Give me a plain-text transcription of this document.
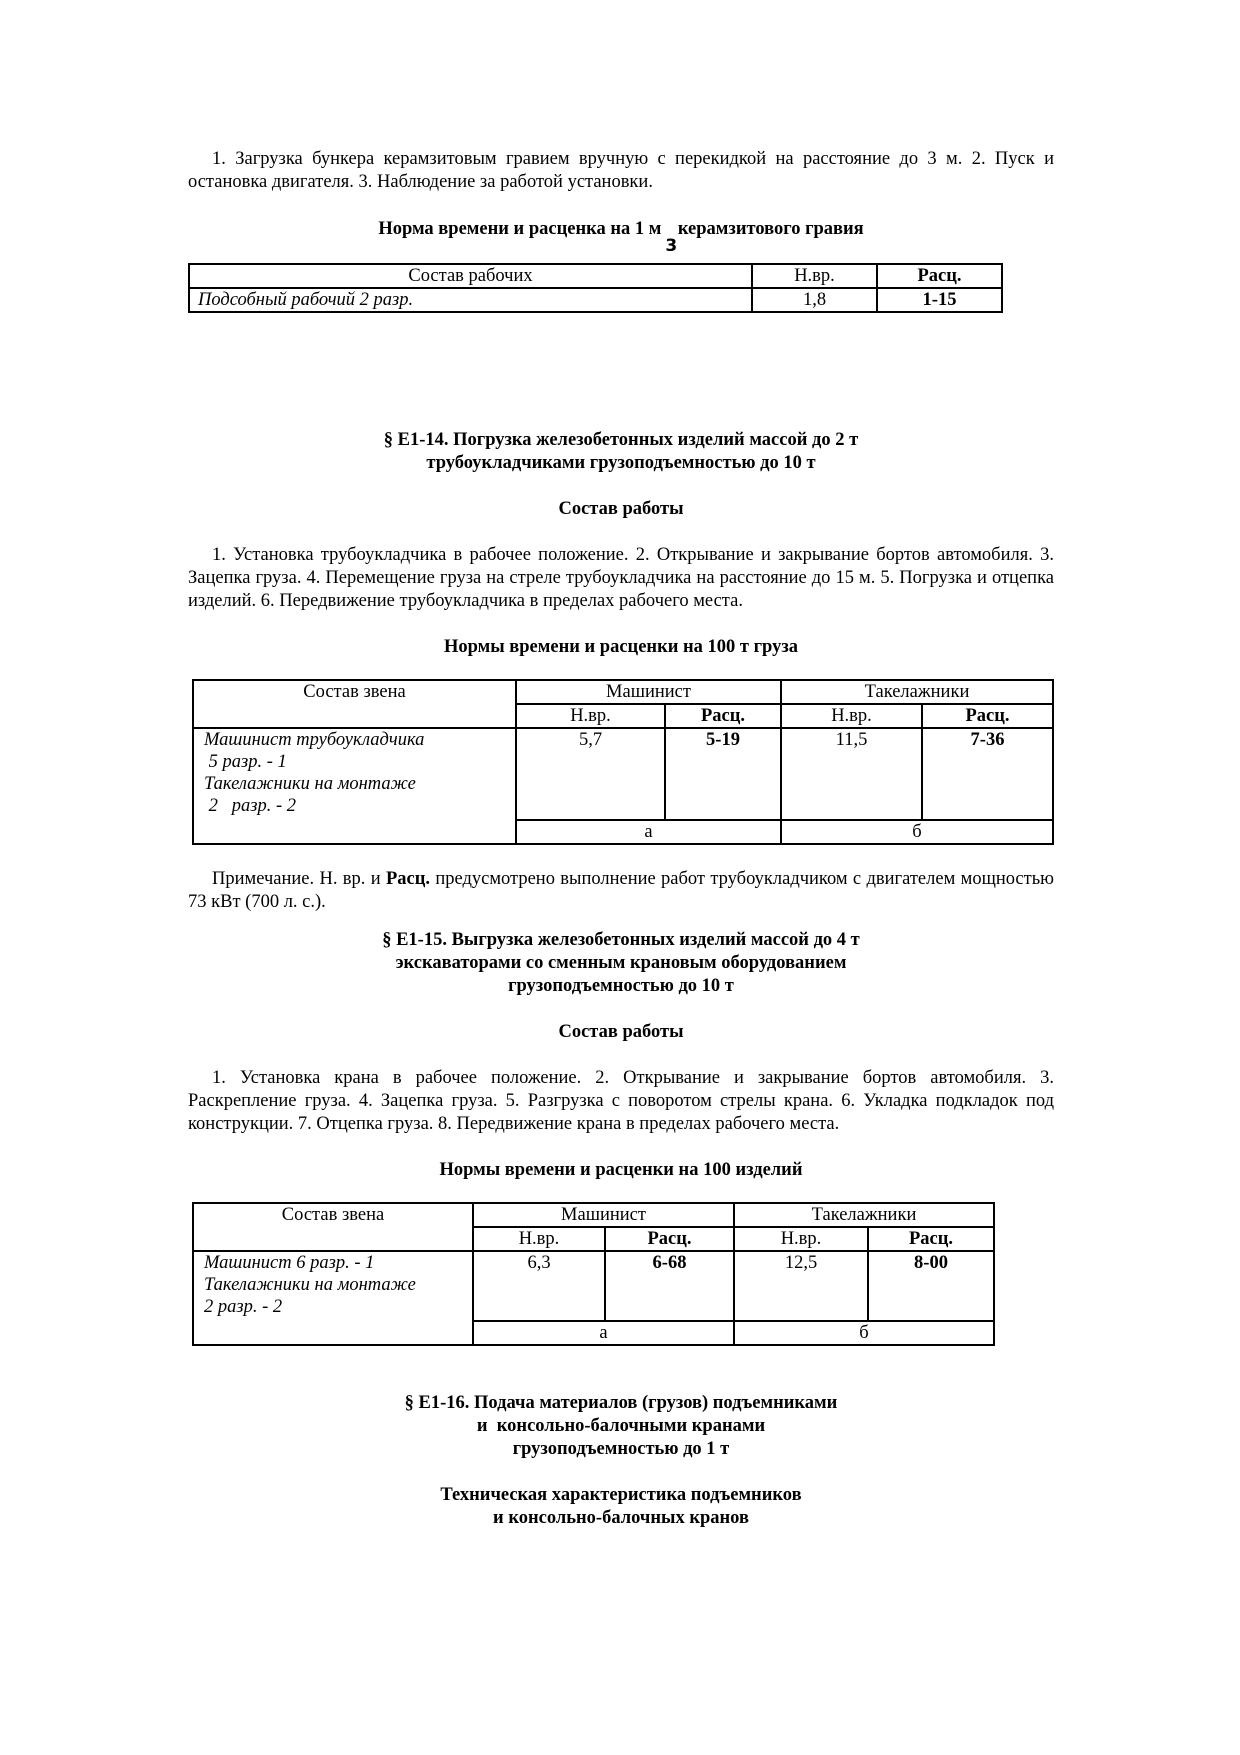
1. Загрузка бункера керамзитовым гравием вручную с перекидкой на расстояние до 3 м. 2. Пуск и остановка двигателя. 3. Наблюдение за работой установки.

Норма времени и расценка на 1 м3 керамзитового гравия

Состав рабочих	Н.вр.	Расц.
Подсобный рабочий 2 разр.	1,8	1-15

§ Е1-14. Погрузка железобетонных изделий массой до 2 т

трубоукладчиками грузоподъемностью до 10 т

Состав работы

1. Установка трубоукладчика в рабочее положение. 2. Открывание и закрывание бортов автомобиля. 3. Зацепка груза. 4. Перемещение груза на стреле трубоукладчика на расстояние до 15 м. 5. Погрузка и отцепка изделий. 6. Передвижение трубоукладчика в пределах рабочего места.

Нормы времени и расценки на 100 т груза

Состав звена	Машинист		Такелажники	
	Н.вр.	Расц.	Н.вр.	Расц.

Машинист трубоукладчика
5 разр. - 1
Такелажники на монтаже
2   разр. - 2	5,7	5-19	11,5	7-36
	а		б	

Примечание. Н. вр. и Расц. предусмотрено выполнение работ трубоукладчиком с двигателем мощностью 73 кВт (700 л. с.).

§ Е1-15. Выгрузка железобетонных изделий массой до 4 т

экскаваторами со сменным крановым оборудованием

грузоподъемностью до 10 т

Состав работы

1. Установка крана в рабочее положение. 2. Открывание и закрывание бортов автомобиля. 3. Раскрепление груза. 4. Зацепка груза. 5. Разгрузка с поворотом стрелы крана. 6. Укладка подкладок под конструкции. 7. Отцепка груза. 8. Передвижение крана в пределах рабочего места.

Нормы времени и расценки на 100 изделий

Состав звена	Машинист		Такелажники	
	Н.вр.	Расц.	Н.вр.	Расц.

Машинист 6 разр. - 1
Такелажники на монтаже
2 разр. - 2	6,3	6-68	12,5	8-00
	а		б	

§ Е1-16. Подача материалов (грузов) подъемниками

и  консольно-балочными кранами

грузоподъемностью до 1 т

Техническая характеристика подъемников

и консольно-балочных кранов
